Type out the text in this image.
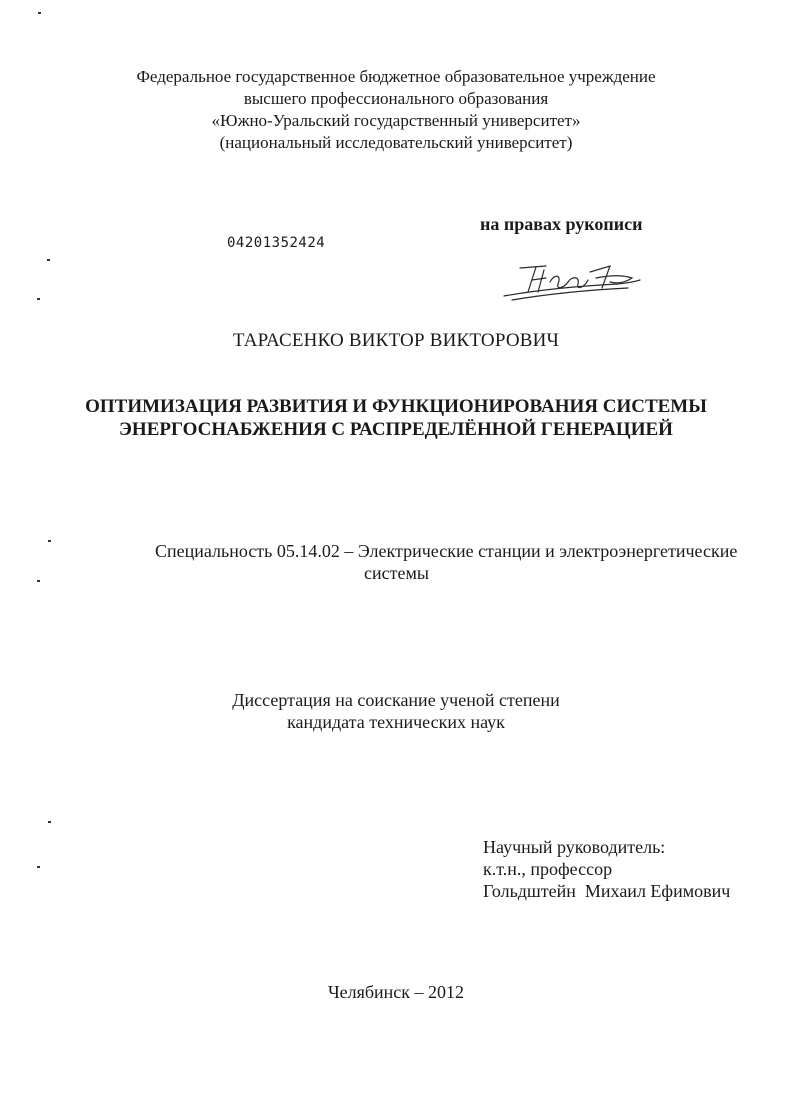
Федеральное государственное бюджетное образовательное учреждение
высшего профессионального образования
«Южно-Уральский государственный университет»
(национальный исследовательский университет)
04201352424
на правах рукописи
ТАРАСЕНКО ВИКТОР ВИКТОРОВИЧ
ОПТИМИЗАЦИЯ РАЗВИТИЯ И ФУНКЦИОНИРОВАНИЯ СИСТЕМЫ
ЭНЕРГОСНАБЖЕНИЯ С РАСПРЕДЕЛЁННОЙ ГЕНЕРАЦИЕЙ
Специальность 05.14.02 – Электрические станции и электроэнергетические
системы
Диссертация на соискание ученой степени
кандидата технических наук
Научный руководитель:
к.т.н., профессор
Гольдштейн  Михаил Ефимович
Челябинск – 2012
